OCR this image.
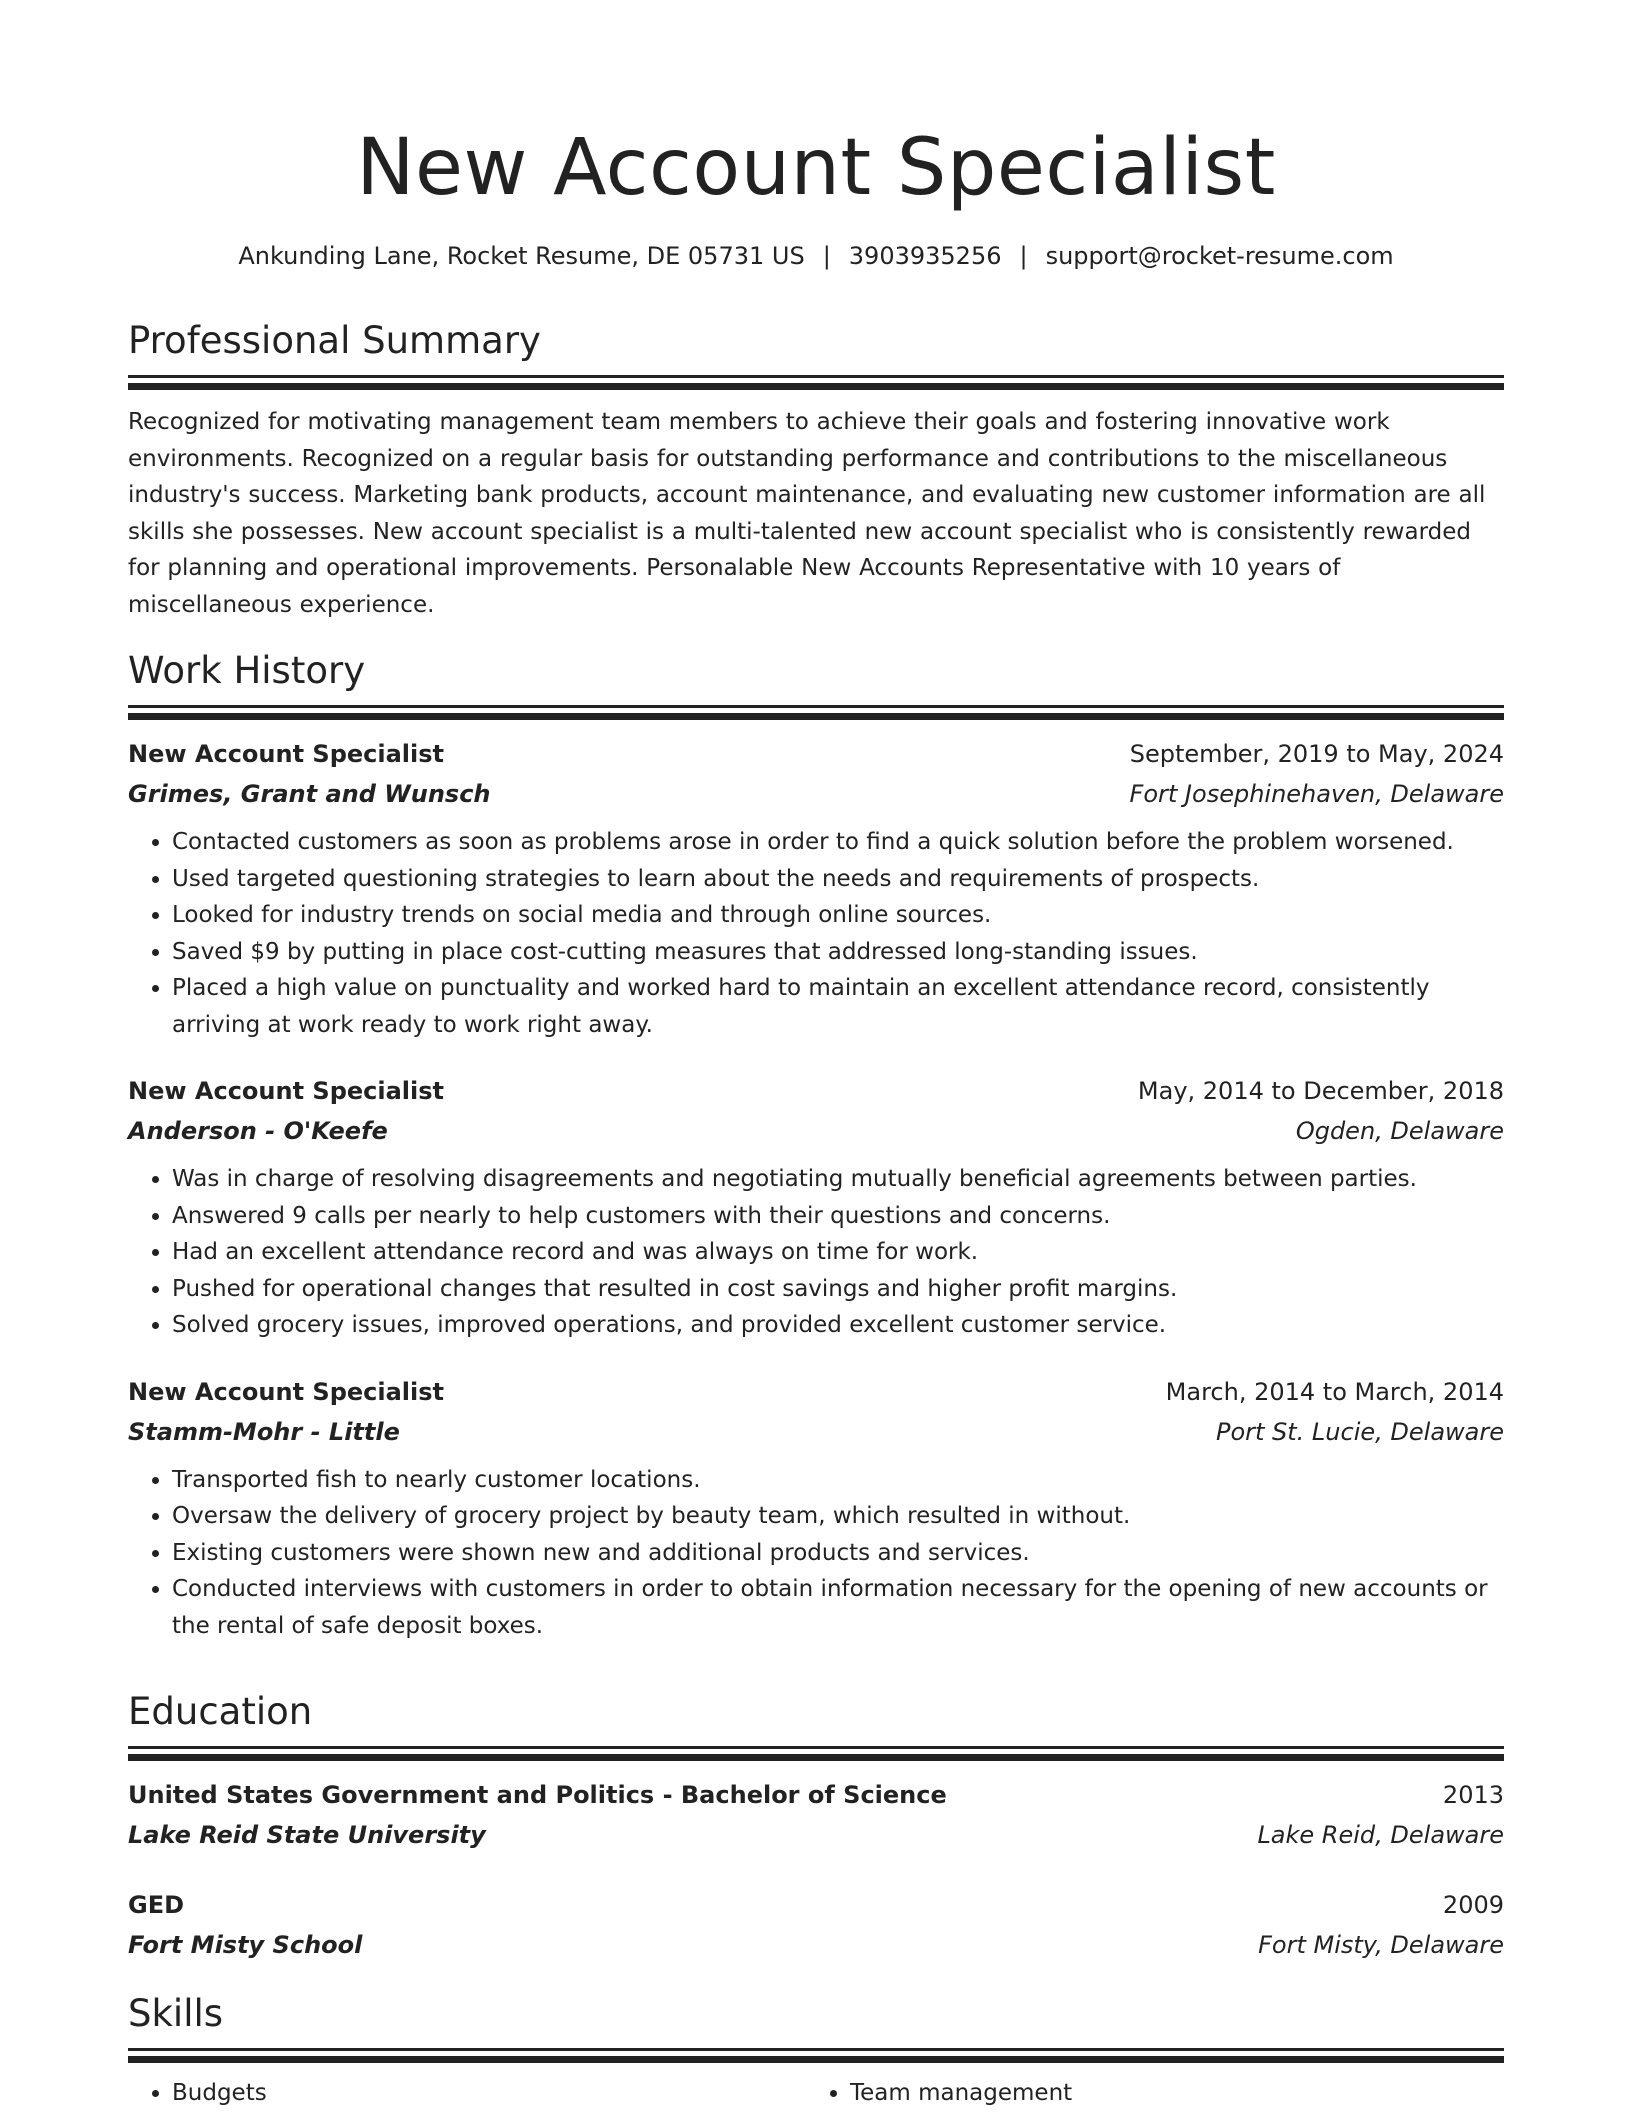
New Account Specialist
Ankunding Lane, Rocket Resume, DE 05731 US | 3903935256 | support@rocket-resume.com
Professional Summary
Recognized for motivating management team members to achieve their goals and fostering innovative work environments. Recognized on a regular basis for outstanding performance and contributions to the miscellaneous industry's success. Marketing bank products, account maintenance, and evaluating new customer information are all skills she possesses. New account specialist is a multi-talented new account specialist who is consistently rewarded for planning and operational improvements. Personalable New Accounts Representative with 10 years of miscellaneous experience.
Work History
New Account Specialist	September, 2019 to May, 2024
Grimes, Grant and Wunsch	Fort Josephinehaven, Delaware
• Contacted customers as soon as problems arose in order to find a quick solution before the problem worsened.
• Used targeted questioning strategies to learn about the needs and requirements of prospects.
• Looked for industry trends on social media and through online sources.
• Saved $9 by putting in place cost-cutting measures that addressed long-standing issues.
• Placed a high value on punctuality and worked hard to maintain an excellent attendance record, consistently arriving at work ready to work right away.
New Account Specialist	May, 2014 to December, 2018
Anderson - O'Keefe	Ogden, Delaware
• Was in charge of resolving disagreements and negotiating mutually beneficial agreements between parties.
• Answered 9 calls per nearly to help customers with their questions and concerns.
• Had an excellent attendance record and was always on time for work.
• Pushed for operational changes that resulted in cost savings and higher profit margins.
• Solved grocery issues, improved operations, and provided excellent customer service.
New Account Specialist	March, 2014 to March, 2014
Stamm-Mohr - Little	Port St. Lucie, Delaware
• Transported fish to nearly customer locations.
• Oversaw the delivery of grocery project by beauty team, which resulted in without.
• Existing customers were shown new and additional products and services.
• Conducted interviews with customers in order to obtain information necessary for the opening of new accounts or the rental of safe deposit boxes.
Education
United States Government and Politics - Bachelor of Science	2013
Lake Reid State University	Lake Reid, Delaware
GED	2009
Fort Misty School	Fort Misty, Delaware
Skills
• Budgets
•	Team management
